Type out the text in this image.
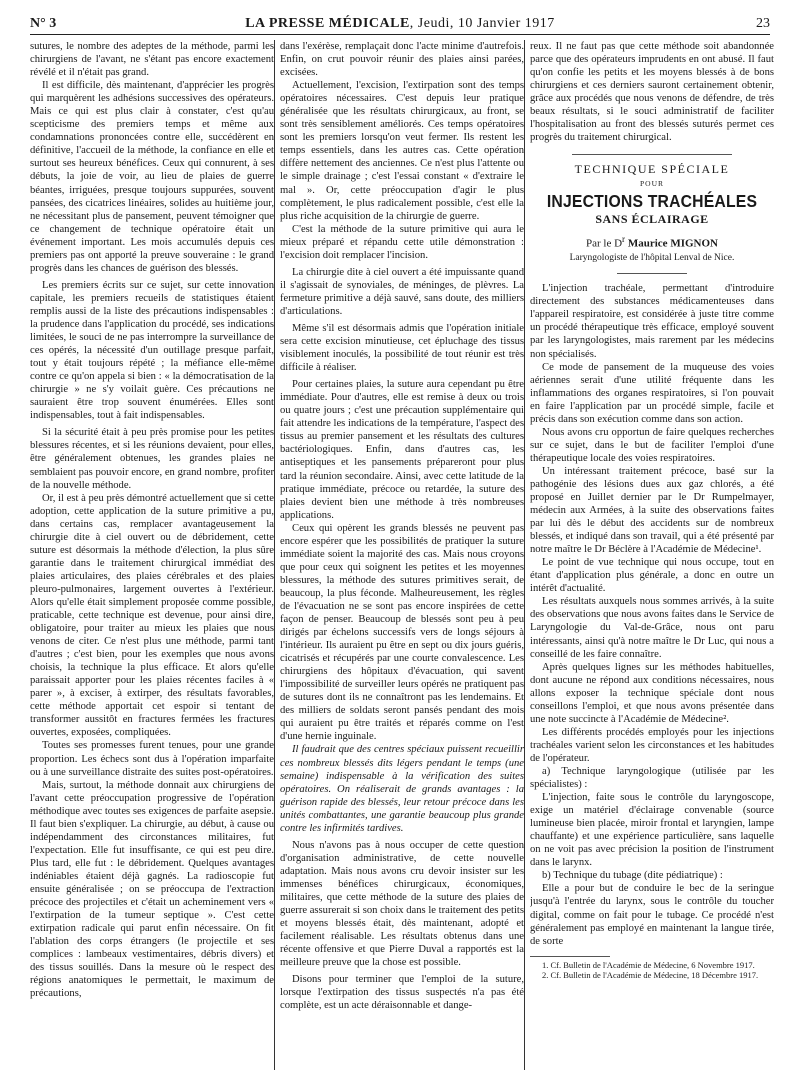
N° 3	LA PRESSE MÉDICALE, Jeudi, 10 Janvier 1917	23

sutures, le nombre des adeptes de la méthode, parmi les chirurgiens de l'avant, ne s'étant pas encore exactement révélé et il n'était pas grand.

Il est difficile, dès maintenant, d'apprécier les progrès qui marquèrent les adhésions successives des opérateurs. Mais ce qui est plus clair à constater, c'est qu'au scepticisme des premiers temps et même aux condamnations prononcées contre elle, succédèrent en définitive, l'accueil de la méthode, la confiance en elle et surtout ses heureux bénéfices. Ceux qui connurent, à ses débuts, la joie de voir, au lieu de plaies de guerre béantes, irriguées, presque toujours suppurées, souvent pansées, des cicatrices linéaires, solides au huitième jour, ne nécessitant plus de pansement, peuvent témoigner que ce changement de technique opératoire était un événement important. Les mois accumulés depuis ces premiers pas ont apporté la preuve souveraine : le grand progrès dans les chances de guérison des blessés.

Les premiers écrits sur ce sujet, sur cette innovation capitale, les premiers recueils de statistiques étaient remplis aussi de la liste des précautions indispensables : la prudence dans l'application du procédé, ses indications limitées, le souci de ne pas interrompre la surveillance de ces opérés, la nécessité d'un outillage presque parfait, tout y était toujours répété ; la méfiance elle-même contre ce qu'on appela si bien : « la démocratisation de la chirurgie » ne s'y voilait guère. Ces précautions ne sauraient être trop souvent énumérées. Elles sont indispensables, tout à fait indispensables.

Si la sécurité était à peu près promise pour les petites blessures récentes, et si les réunions devaient, pour elles, être généralement obtenues, les grandes plaies ne semblaient pas pouvoir encore, en grand nombre, profiter de la nouvelle méthode.

Or, il est à peu près démontré actuellement que si cette adoption, cette application de la suture primitive a pu, dans certains cas, remplacer avantageusement la chirurgie dite à ciel ouvert ou de débridement, cette suture est désormais la méthode d'élection, la plus sûre garantie dans le traitement chirurgical immédiat des plaies articulaires, des plaies cérébrales et des plaies pleuro-pulmonaires, largement ouvertes à l'extérieur. Alors qu'elle était simplement proposée comme possible, praticable, cette technique est devenue, pour ainsi dire, obligatoire, pour traiter au mieux les plaies que nous venons de citer. Ce n'est plus une méthode, parmi tant d'autres ; c'est bien, pour les exemples que nous avons choisis, la technique la plus efficace. Et alors qu'elle paraissait apporter pour les plaies récentes faciles à « parer », à exciser, à extirper, des résultats favorables, cette méthode apportait cet espoir si tentant de transformer aussitôt en fractures fermées les fractures ouvertes, exposées, compliquées.

Toutes ses promesses furent tenues, pour une grande proportion. Les échecs sont dus à l'opération imparfaite ou à une surveillance distraite des suites post-opératoires.

Mais, surtout, la méthode donnait aux chirurgiens de l'avant cette préoccupation progressive de l'opération méthodique avec toutes ses exigences de parfaite asepsie. Il faut bien s'expliquer. La chirurgie, au début, à cause ou indépendamment des circonstances militaires, fut l'expectation. Elle fut insuffisante, ce qui est peu dire. Plus tard, elle fut : le débridement. Quelques avantages indéniables étaient déjà gagnés. La radioscopie fut ensuite généralisée ; on se préoccupa de l'extraction précoce des projectiles et c'était un acheminement vers « l'extirpation de la tumeur septique ». C'est cette extirpation radicale qui parut enfin nécessaire. On fit l'ablation des corps étrangers (le projectile et ses complices : lambeaux vestimentaires, débris divers) et des tissus souillés. Dans la mesure où le respect des régions anatomiques le permettait, le maximum de précautions,

dans l'exérèse, remplaçait donc l'acte minime d'autrefois. Enfin, on crut pouvoir réunir des plaies ainsi parées, excisées.

Actuellement, l'excision, l'extirpation sont des temps opératoires nécessaires. C'est depuis leur pratique généralisée que les résultats chirurgicaux, au front, se sont très sensiblement améliorés. Ces temps opératoires sont les premiers lorsqu'on veut fermer. Ils restent les temps essentiels, dans les autres cas. Cette opération diffère nettement des anciennes. Ce n'est plus l'attente ou le simple drainage ; c'est l'essai constant « d'extraire le mal ». Or, cette préoccupation d'agir le plus complètement, le plus radicalement possible, c'est elle la plus riche acquisition de la chirurgie de guerre.

C'est la méthode de la suture primitive qui aura le mieux préparé et répandu cette utile démonstration : l'excision doit remplacer l'incision.

La chirurgie dite à ciel ouvert a été impuissante quand il s'agissait de synoviales, de méninges, de plèvres. La fermeture primitive a déjà sauvé, sans doute, des milliers d'articulations.

Même s'il est désormais admis que l'opération initiale sera cette excision minutieuse, cet épluchage des tissus visiblement inoculés, la possibilité de tout réunir est très difficile à réaliser.

Pour certaines plaies, la suture aura cependant pu être immédiate. Pour d'autres, elle est remise à deux ou trois ou quatre jours ; c'est une précaution supplémentaire qui fait attendre les indications de la température, l'aspect des tissus au premier pansement et les résultats des cultures bactériologiques. Enfin, dans d'autres cas, les antiseptiques et les pansements prépareront pour plus tard la réunion secondaire. Ainsi, avec cette latitude de la pratique immédiate, précoce ou retardée, la suture des plaies devient bien une méthode à très nombreuses applications.

Ceux qui opèrent les grands blessés ne peuvent pas encore espérer que les possibilités de pratiquer la suture immédiate soient la majorité des cas. Mais nous croyons que pour ceux qui soignent les petites et les moyennes blessures, la méthode des sutures primitives serait, de beaucoup, la plus féconde. Malheureusement, les règles de l'évacuation ne se sont pas encore inspirées de cette façon de penser. Beaucoup de blessés sont peu à peu dirigés par échelons successifs vers de longs séjours à l'intérieur. Ils auraient pu être en sept ou dix jours guéris, cicatrisés et récupérés par une courte convalescence. Les chirurgiens des hôpitaux d'évacuation, qui savent l'impossibilité de surveiller leurs opérés ne pratiquent pas de sutures dont ils ne connaîtront pas les lendemains. Et des milliers de soldats seront pansés pendant des mois qui auraient pu être traités et réparés comme on l'est d'une hernie inguinale.

Il faudrait que des centres spéciaux puissent recueillir ces nombreux blessés dits légers pendant le temps (une semaine) indispensable à la vérification des suites opératoires. On réaliserait de grands avantages : la guérison rapide des blessés, leur retour précoce dans les unités combattantes, une garantie beaucoup plus grande contre les infirmités tardives.

Nous n'avons pas à nous occuper de cette question d'organisation administrative, de cette nouvelle adaptation. Mais nous avons cru devoir insister sur les immenses bénéfices chirurgicaux, économiques, militaires, que cette méthode de la suture des plaies de guerre assurerait si son choix dans le traitement des petits et moyens blessés était, dès maintenant, adopté et facilement réalisable. Les résultats obtenus dans une récente offensive et que Pierre Duval a rapportés est la meilleure preuve que la chose est possible.

Disons pour terminer que l'emploi de la suture, lorsque l'extirpation des tissus suspectés n'a pas été complète, est un acte déraisonnable et dange-

reux. Il ne faut pas que cette méthode soit abandonnée parce que des opérateurs imprudents en ont abusé. Il faut qu'on confie les petits et les moyens blessés à de bons chirurgiens et ces derniers sauront certainement obtenir, grâce aux procédés que nous venons de défendre, de très beaux résultats, si le souci administratif de faciliter l'hospitalisation au front des blessés suturés permet ces progrès du traitement chirurgical.

TECHNIQUE SPÉCIALE
POUR
INJECTIONS TRACHÉALES
SANS ÉCLAIRAGE
Par le $D^r$ Maurice MIGNON
Laryngologiste de l'hôpital Lenval de Nice.

L'injection trachéale, permettant d'introduire directement des substances médicamenteuses dans l'appareil respiratoire, est considérée à juste titre comme un procédé thérapeutique très efficace, employé souvent par les laryngologistes, mais rarement par les médecins non spécialisés.

Ce mode de pansement de la muqueuse des voies aériennes serait d'une utilité fréquente dans les inflammations des organes respiratoires, si l'on pouvait en faire l'application par un procédé simple, facile et précis dans son exécution comme dans son action.

Nous avons cru opportun de faire quelques recherches sur ce sujet, dans le but de faciliter l'emploi d'une thérapeutique locale des voies respiratoires.

Un intéressant traitement précoce, basé sur la pathogénie des lésions dues aux gaz chlorés, a été proposé en Juillet dernier par le Dr Rumpelmayer, médecin aux Armées, à la suite des observations faites par lui dès le début des accidents sur de nombreux blessés, et indiqué dans son travail, qui a été présenté par notre maître le Dr Béclère à l'Académie de Médecine¹.

Le point de vue technique qui nous occupe, tout en étant d'application plus générale, a donc en outre un intérêt d'actualité.

Les résultats auxquels nous sommes arrivés, à la suite des observations que nous avons faites dans le Service de Laryngologie du Val-de-Grâce, nous ont paru intéressants, ainsi qu'à notre maître le Dr Luc, qui nous a conseillé de les faire connaître.

Après quelques lignes sur les méthodes habituelles, dont aucune ne répond aux conditions nécessaires, nous allons exposer la technique spéciale dont nous conseillons l'emploi, et que nous avons présentée dans une note succincte à l'Académie de Médecine².

Les différents procédés employés pour les injections trachéales varient selon les circonstances et les habitudes de l'opérateur.

a) Technique laryngologique (utilisée par les spécialistes) :

L'injection, faite sous le contrôle du laryngoscope, exige un matériel d'éclairage convenable (source lumineuse bien placée, miroir frontal et laryngien, lampe chauffante) et une expérience particulière, sans laquelle on ne voit pas avec précision la position de l'instrument dans le larynx.

b) Technique du tubage (dite pédiatrique) :

Elle a pour but de conduire le bec de la seringue jusqu'à l'entrée du larynx, sous le contrôle du toucher digital, comme on fait pour le tubage. Ce procédé n'est généralement pas employé en maintenant la langue tirée, de sorte

1. Cf. Bulletin de l'Académie de Médecine, 6 Novembre 1917.

2. Cf. Bulletin de l'Académie de Médecine, 18 Décembre 1917.
